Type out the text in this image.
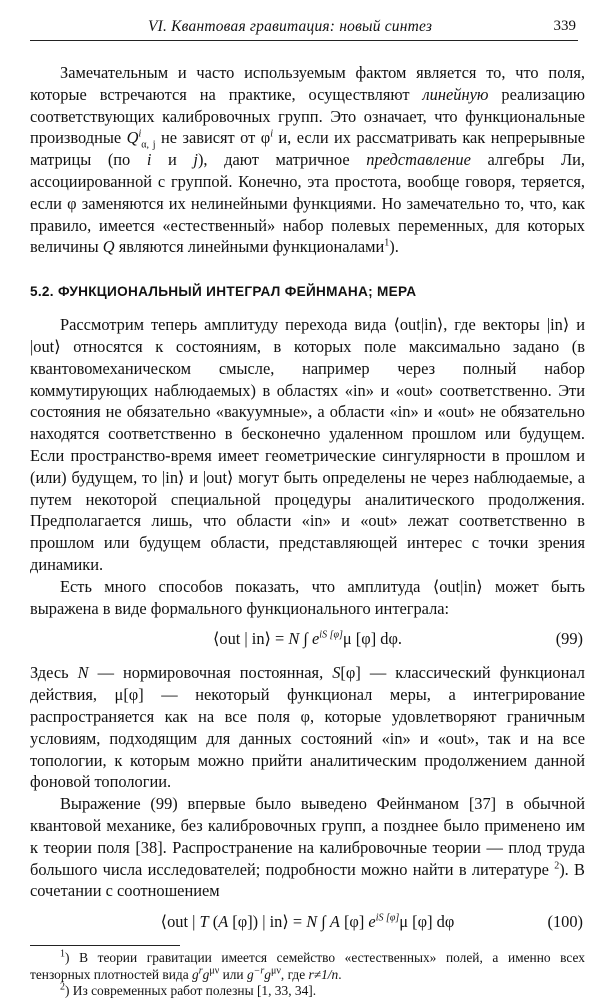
VI. Квантовая гравитация: новый синтез	339

Замечательным и часто используемым фактом является то, что поля, которые встречаются на практике, осуществляют линейную реализацию соответствующих калибровочных групп. Это означает, что функциональные производные $Q^i_{\alpha, j}$ не зависят от $\varphi^i$ и, если их рассматривать как непрерывные матрицы (по i и j), дают матричное представление алгебры Ли, ассоциированной с группой. Конечно, эта простота, вообще говоря, теряется, если φ заменяются их нелинейными функциями. Но замечательно то, что, как правило, имеется «естественный» набор полевых переменных, для которых величины Q являются линейными функционалами$^1$).

5.2. ФУНКЦИОНАЛЬНЫЙ ИНТЕГРАЛ ФЕЙНМАНА; МЕРА

Рассмотрим теперь амплитуду перехода вида ⟨out|in⟩, где векторы |in⟩ и |out⟩ относятся к состояниям, в которых поле максимально задано (в квантовомеханическом смысле, например через полный набор коммутирующих наблюдаемых) в областях «in» и «out» соответственно. Эти состояния не обязательно «вакуумные», а области «in» и «out» не обязательно находятся соответственно в бесконечно удаленном прошлом или будущем. Если пространство-время имеет геометрические сингулярности в прошлом и (или) будущем, то |in⟩ и |out⟩ могут быть определены не через наблюдаемые, а путем некоторой специальной процедуры аналитического продолжения. Предполагается лишь, что области «in» и «out» лежат соответственно в прошлом или будущем области, представляющей интерес с точки зрения динамики.

Есть много способов показать, что амплитуда ⟨out|in⟩ может быть выражена в виде формального функционального интеграла:

⟨out | in⟩ = N ∫ $e^{iS [\varphi]}\mu$ [φ] dφ.	(99)

Здесь N — нормировочная постоянная, S[φ] — классический функционал действия, μ[φ] — некоторый функционал меры, а интегрирование распространяется как на все поля φ, которые удовлетворяют граничным условиям, подходящим для данных состояний «in» и «out», так и на все топологии, к которым можно прийти аналитическим продолжением данной фоновой топологии.

Выражение (99) впервые было выведено Фейнманом [37] в обычной квантовой механике, без калибровочных групп, а позднее было применено им к теории поля [38]. Распространение на калибровочные теории — плод труда большого числа исследователей; подробности можно найти в литературе $^2$). В сочетании с соотношением

⟨out | T (A [φ]) | in⟩ = N ∫ A [φ] $e^{iS [\varphi]}\mu$ [φ] dφ	(100)

$^1$) В теории гравитации имеется семейство «естественных» полей, а именно всех тензорных плотностей вида $g^rg^{\mu\nu}$ или $g^{-r}g^{\mu\nu}$, где r≠1/n.

$^2$) Из современных работ полезны [1, 33, 34].
